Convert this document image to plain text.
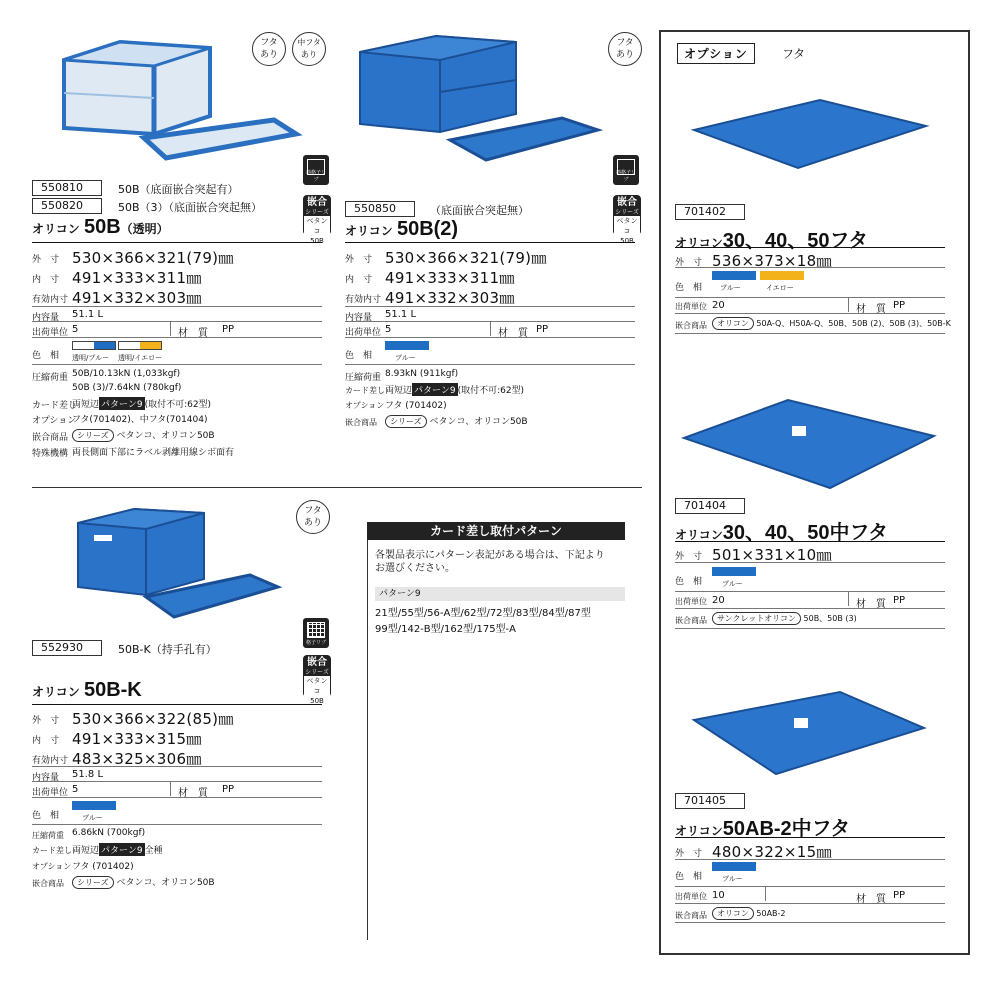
フタ
あり
中フタ
あり
斜格子リブ
嵌合
シリーズ
ベタンコ
50B
550810
550820
50B（底面嵌合突起有）
50B（3）（底面嵌合突起無）
オリコン 50B（透明）
外　寸 530×366×321(79)㎜
内　寸 491×333×311㎜
有効内寸 491×332×303㎜
内容量 51.1 L
出荷単位 5	材　質 PP
色　相 透明/ブルー 透明/イエロー
圧縮荷重 50B/10.13kN (1,033kgf)
50B (3)/7.64kN (780kgf)
カード差し
両短辺 パターン9 (取付不可:62型)
オプション
フタ(701402)、中フタ(701404)
嵌合商品	シリーズ ベタンコ、オリコン50B
特殊機構 両長側面下部にラベル剥離用線シボ面有
フタ
あり
斜格子リブ
嵌合
シリーズ
ベタンコ
50B
550850	（底面嵌合突起無）
オリコン 50B(2)
外　寸 530×366×321(79)㎜
内　寸 491×333×311㎜
有効内寸 491×332×303㎜
内容量 51.1 L
出荷単位 5	材　質 PP
色　相	ブルー
圧縮荷重 8.93kN (911kgf)
カード差し 両短辺 パターン9 (取付不可:62型)
オプション フタ (701402)
嵌合商品	シリーズ ベタンコ、オリコン50B
フタ
あり
格子リブ
嵌合
シリーズ
ベタンコ
50B
552930	50B-K（持手孔有）
オリコン 50B-K
外　寸 530×366×322(85)㎜
内　寸 491×333×315㎜
有効内寸 483×325×306㎜
内容量 51.8 L
出荷単位 5	材　質 PP
色　相	ブルー
圧縮荷重 6.86kN (700kgf)
カード差し 両短辺 パターン9 全種
オプション フタ (701402)
嵌合商品	シリーズ ベタンコ、オリコン50B
カード差し取付パターン
各製品表示にパターン表記がある場合は、下記より
お選びください。
パターン9
21型/55型/56-A型/62型/72型/83型/84型/87型
99型/142-B型/162型/175型-A
オプション	フタ
701402
オリコン30、40、50フタ
外　寸 536×373×18㎜
色　相	ブルー	イエロー
出荷単位 20	材　質 PP
嵌合商品	オリコン 50A-Q、H50A-Q、50B、50B (2)、50B (3)、50B-K
701404
オリコン30、40、50中フタ
外　寸 501×331×10㎜
色　相	ブルー
出荷単位 20	材　質 PP
嵌合商品	サンクレットオリコン 50B、50B (3)
701405
オリコン50AB-2中フタ
外　寸 480×322×15㎜
色　相	ブルー
出荷単位 10	材　質 PP
嵌合商品	オリコン 50AB-2
